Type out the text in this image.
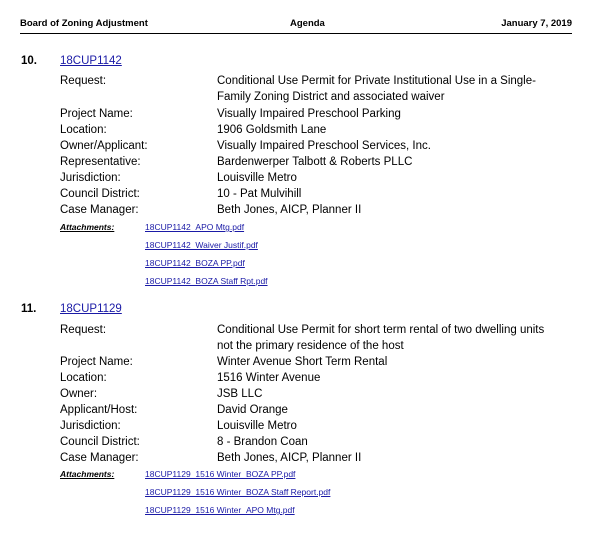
Board of Zoning Adjustment	Agenda	January 7, 2019
10. 18CUP1142
Request:	Conditional Use Permit for Private Institutional Use in a Single-Family Zoning District and associated waiver
Project Name:	Visually Impaired Preschool Parking
Location:	1906 Goldsmith Lane
Owner/Applicant:	Visually Impaired Preschool Services, Inc.
Representative:	Bardenwerper Talbott & Roberts PLLC
Jurisdiction:	Louisville Metro
Council District:	10 - Pat Mulvihill
Case Manager:	Beth Jones, AICP, Planner II
Attachments:	18CUP1142_APO Mtg.pdf
18CUP1142_Waiver Justif.pdf
18CUP1142_BOZA PP.pdf
18CUP1142_BOZA Staff Rpt.pdf
11. 18CUP1129
Request:	Conditional Use Permit for short term rental of two dwelling units not the primary residence of the host
Project Name:	Winter Avenue Short Term Rental
Location:	1516 Winter Avenue
Owner:	JSB LLC
Applicant/Host:	David Orange
Jurisdiction:	Louisville Metro
Council District:	8 - Brandon Coan
Case Manager:	Beth Jones, AICP, Planner II
Attachments:	18CUP1129_1516 Winter_BOZA PP.pdf
18CUP1129_1516 Winter_BOZA Staff Report.pdf
18CUP1129_1516 Winter_APO Mtg.pdf
